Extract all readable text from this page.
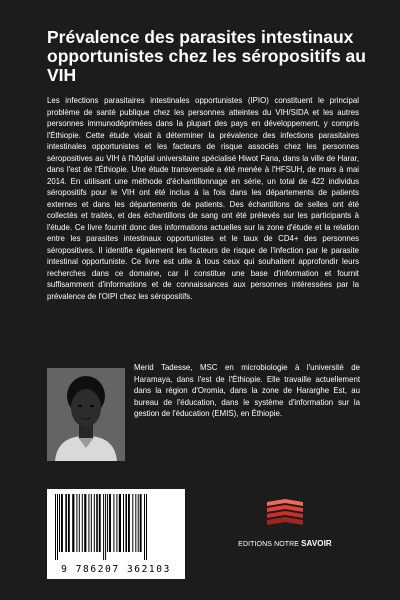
Prévalence des parasites intestinaux opportunistes chez les séropositifs au VIH

Les infections parasitaires intestinales opportunistes (IPIO) constituent le principal problème de santé publique chez les personnes atteintes du VIH/SIDA et les autres personnes immunodéprimées dans la plupart des pays en développement, y compris l'Éthiopie. Cette étude visait à déterminer la prévalence des infections parasitaires intestinales opportunistes et les facteurs de risque associés chez les personnes séropositives au VIH à l'hôpital universitaire spécialisé Hiwot Fana, dans la ville de Harar, dans l'est de l'Éthiopie. Une étude transversale a été menée à l'HFSUH, de mars à mai 2014. En utilisant une méthode d'échantillonnage en série, un total de 422 individus séropositifs pour le VIH ont été inclus à la fois dans les départements de patients externes et dans les départements de patients. Des échantillons de selles ont été collectés et traités, et des échantillons de sang ont été prélevés sur les participants à l'étude. Ce livre fournit donc des informations actuelles sur la zone d'étude et la relation entre les parasites intestinaux opportunistes et le taux de CD4+ des personnes séropositives. Il identifie également les facteurs de risque de l'infection par le parasite intestinal opportuniste. Ce livre est utile à tous ceux qui souhaitent approfondir leurs recherches dans ce domaine, car il constitue une base d'information et fournit suffisamment d'informations et de connaissances aux personnes intéressées par la prévalence de l'OIPI chez les séropositifs.

Merid Tadesse, MSC en microbiologie à l'université de Haramaya, dans l'est de l'Éthiopie. Elle travaille actuellement dans la région d'Oromia, dans la zone de Hararghe Est, au bureau de l'éducation, dans le système d'information sur la gestion de l'éducation (EMIS), en Éthiopie.

EDITIONS NOTRE SAVOIR
9 786207 362103
